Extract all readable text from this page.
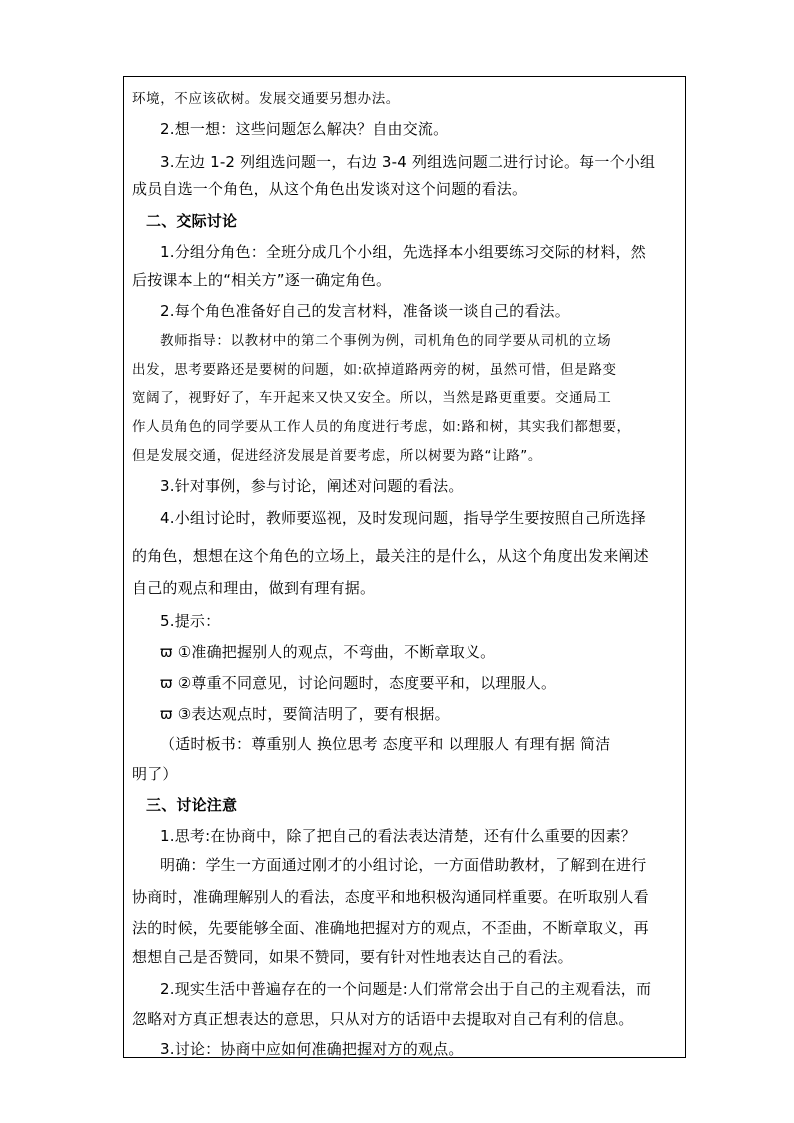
环境，不应该砍树。发展交通要另想办法。
2.想一想：这些问题怎么解决？自由交流。
3.左边 1-2 列组选问题一，右边 3-4 列组选问题二进行讨论。每一个小组
成员自选一个角色，从这个角色出发谈对这个问题的看法。
二、交际讨论
1.分组分角色：全班分成几个小组，先选择本小组要练习交际的材料，然
后按课本上的“相关方”逐一确定角色。
2.每个角色准备好自己的发言材料，准备谈一谈自己的看法。
教师指导：以教材中的第二个事例为例，司机角色的同学要从司机的立场
出发，思考要路还是要树的问题，如:砍掉道路两旁的树，虽然可惜，但是路变
宽阔了，视野好了，车开起来又快又安全。所以，当然是路更重要。交通局工
作人员角色的同学要从工作人员的角度进行考虑，如:路和树，其实我们都想要，
但是发展交通，促进经济发展是首要考虑，所以树要为路“让路”。
3.针对事例，参与讨论，阐述对问题的看法。
4.小组讨论时，教师要巡视，及时发现问题，指导学生要按照自己所选择
的角色，想想在这个角色的立场上，最关注的是什么，从这个角度出发来阐述
自己的观点和理由，做到有理有据。
5.提示：
ϖ ①准确把握别人的观点，不弯曲，不断章取义。
ϖ ②尊重不同意见，讨论问题时，态度要平和，以理服人。
ϖ ③表达观点时，要简洁明了，要有根据。
（适时板书：尊重别人 换位思考 态度平和 以理服人 有理有据 简洁
明了）
三、讨论注意
1.思考:在协商中，除了把自己的看法表达清楚，还有什么重要的因素？
明确：学生一方面通过刚才的小组讨论，一方面借助教材，了解到在进行
协商时，准确理解别人的看法，态度平和地积极沟通同样重要。在听取别人看
法的时候，先要能够全面、准确地把握对方的观点，不歪曲，不断章取义，再
想想自己是否赞同，如果不赞同，要有针对性地表达自己的看法。
2.现实生活中普遍存在的一个问题是:人们常常会出于自己的主观看法，而
忽略对方真正想表达的意思，只从对方的话语中去提取对自己有利的信息。
3.讨论：协商中应如何准确把握对方的观点。
